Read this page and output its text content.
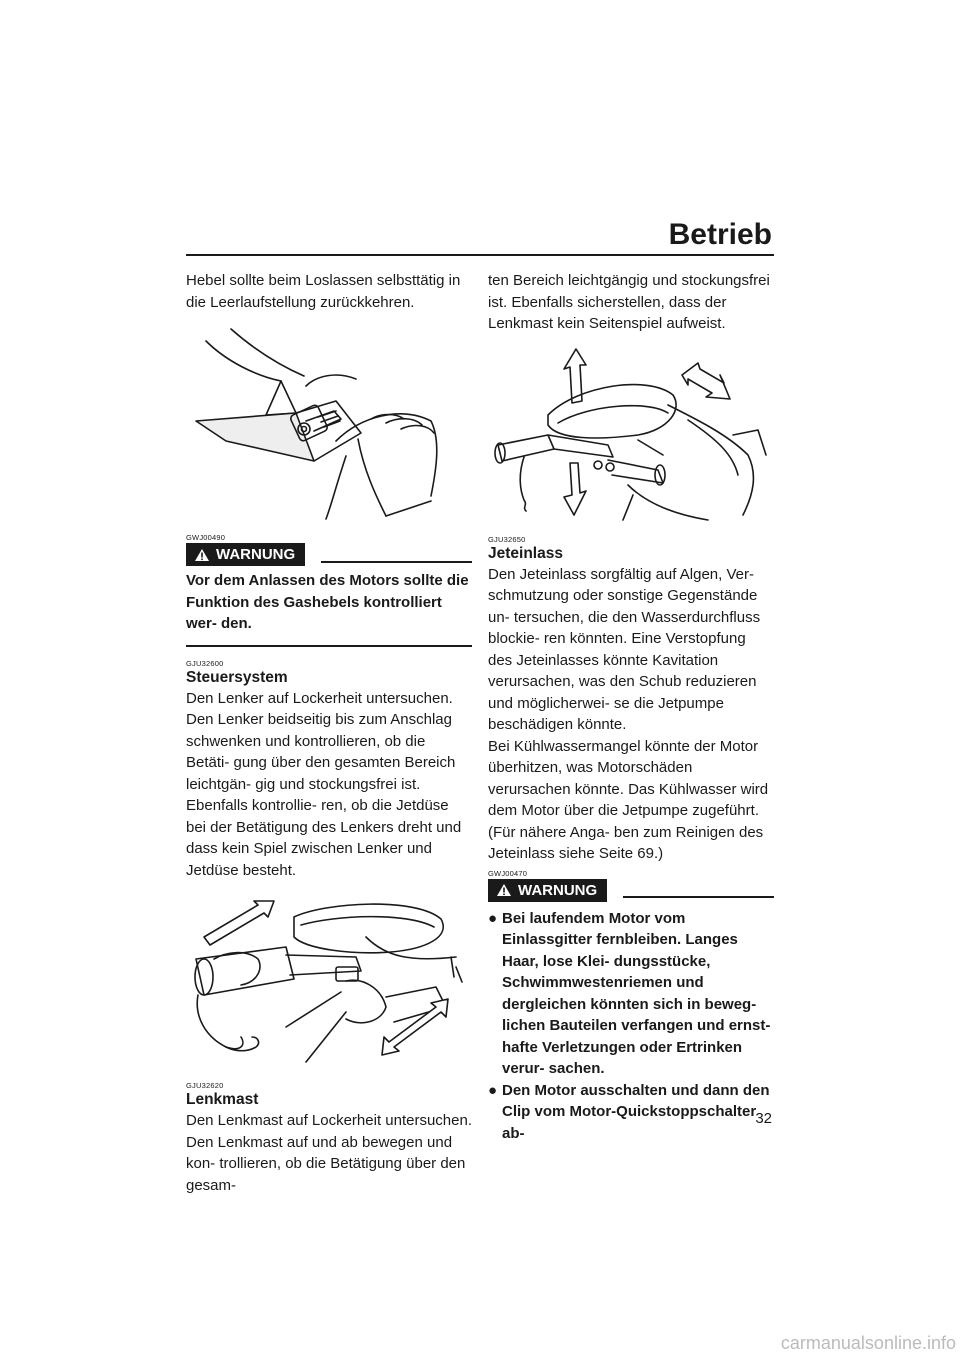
Betrieb

Hebel sollte beim Loslassen selbsttätig in die Leerlaufstellung zurückkehren.

GWJ00490

WARNUNG

Vor dem Anlassen des Motors sollte die Funktion des Gashebels kontrolliert wer- den.

GJU32600

Steuersystem

Den Lenker auf Lockerheit untersuchen. Den Lenker beidseitig bis zum Anschlag schwenken und kontrollieren, ob die Betäti- gung über den gesamten Bereich leichtgän- gig und stockungsfrei ist. Ebenfalls kontrollie- ren, ob die Jetdüse bei der Betätigung des Lenkers dreht und dass kein Spiel zwischen Lenker und Jetdüse besteht.

GJU32620

Lenkmast

Den Lenkmast auf Lockerheit untersuchen. Den Lenkmast auf und ab bewegen und kon- trollieren, ob die Betätigung über den gesam-

ten Bereich leichtgängig und stockungsfrei ist. Ebenfalls sicherstellen, dass der Lenkmast kein Seitenspiel aufweist.

GJU32650

Jeteinlass

Den Jeteinlass sorgfältig auf Algen, Ver- schmutzung oder sonstige Gegenstände un- tersuchen, die den Wasserdurchfluss blockie- ren könnten. Eine Verstopfung des Jeteinlasses könnte Kavitation verursachen, was den Schub reduzieren und möglicherwei- se die Jetpumpe beschädigen könnte.

Bei Kühlwassermangel könnte der Motor überhitzen, was Motorschäden verursachen könnte. Das Kühlwasser wird dem Motor über die Jetpumpe zugeführt. (Für nähere Anga- ben zum Reinigen des Jeteinlass siehe Seite 69.)

GWJ00470

WARNUNG
● Bei laufendem Motor vom Einlassgitter fernbleiben. Langes Haar, lose Klei- dungsstücke, Schwimmwestenriemen und dergleichen könnten sich in beweg- lichen Bauteilen verfangen und ernst- hafte Verletzungen oder Ertrinken verur- sachen.
● Den Motor ausschalten und dann den Clip vom Motor-Quickstoppschalter ab-

32

carmanualsonline.info
